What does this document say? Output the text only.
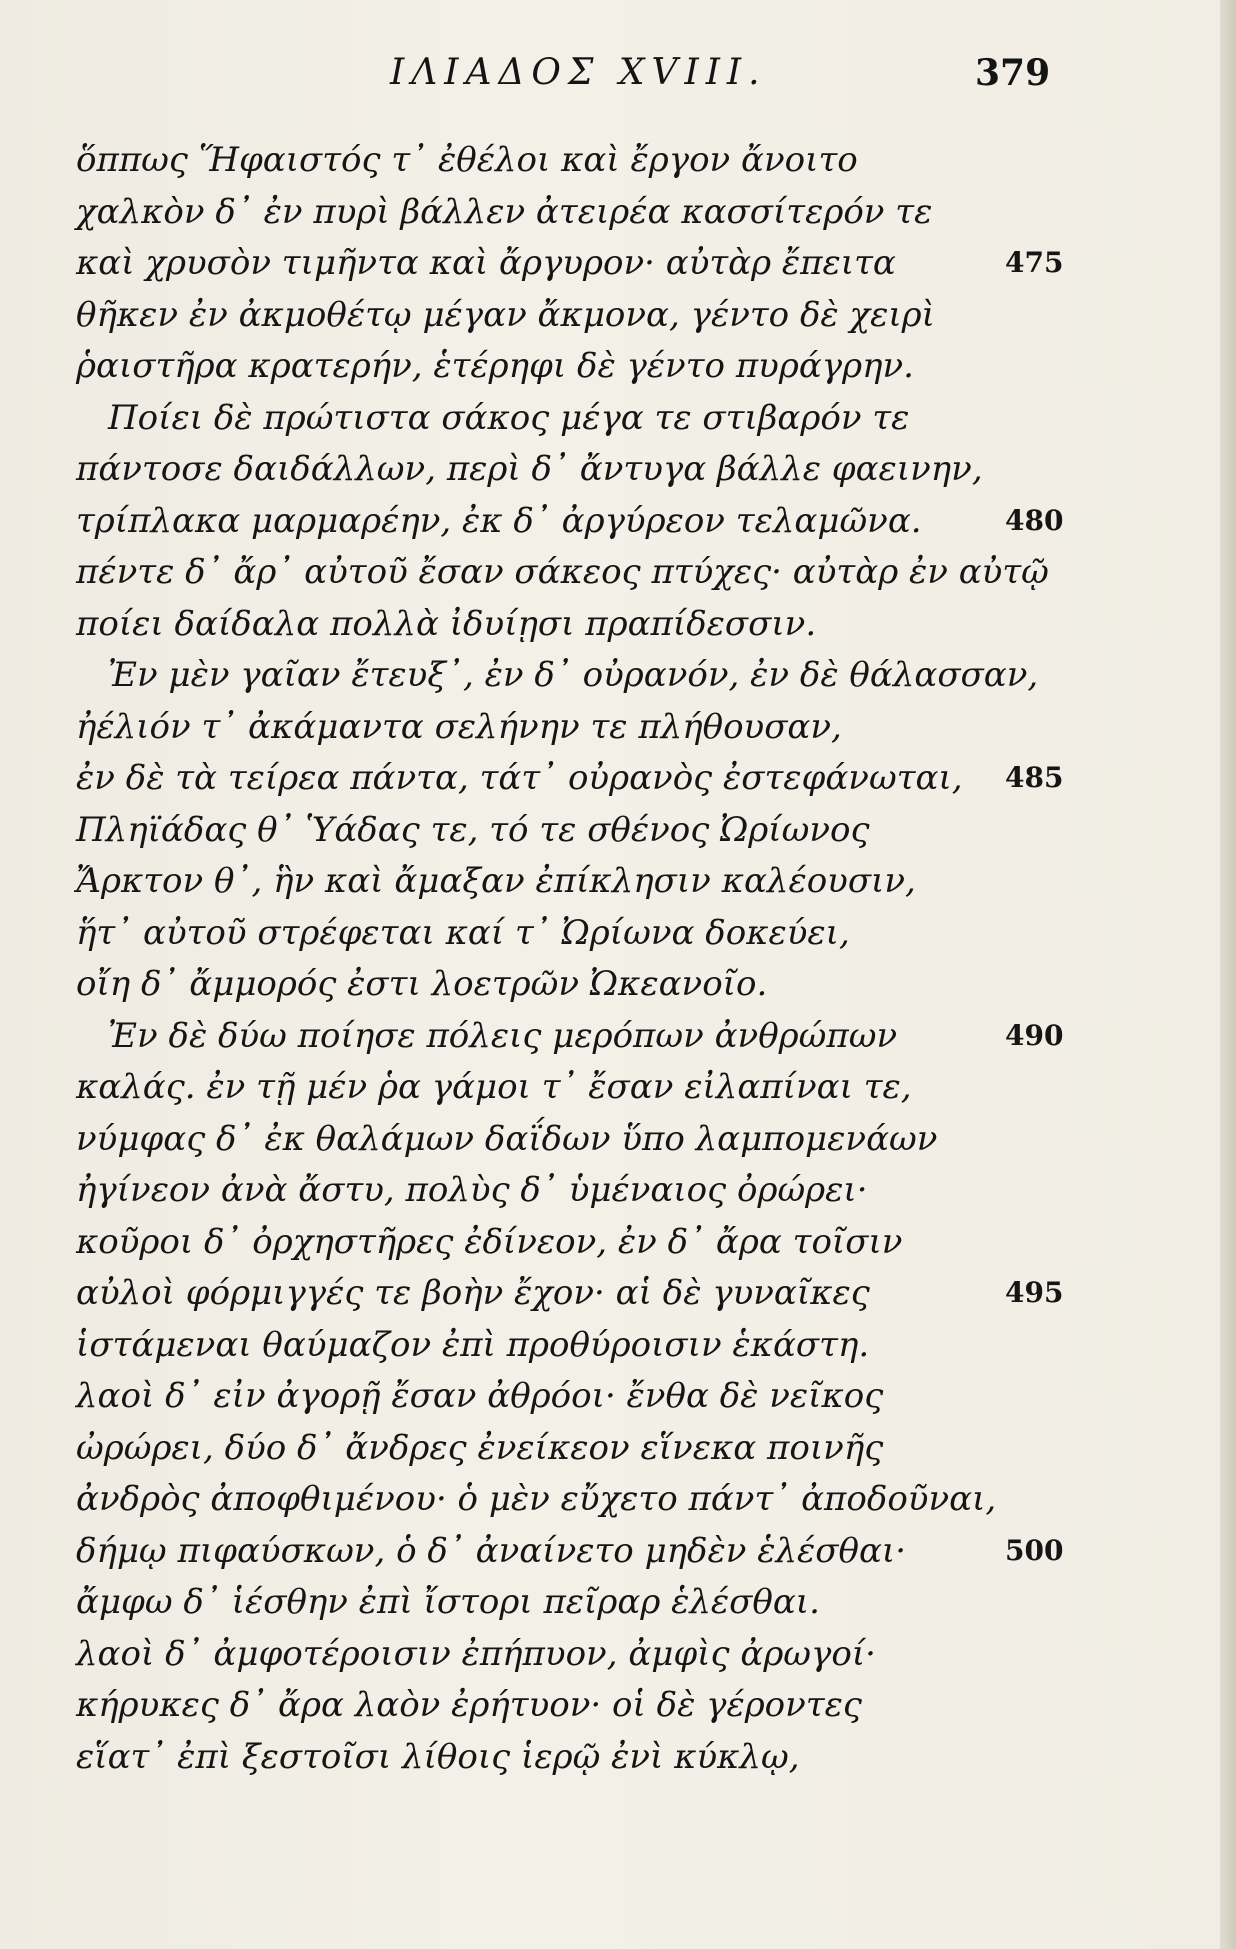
ΙΛΙΑΔΟΣ XVIII.	379
ὅππως Ἥφαιστός τ᾽ ἐθέλοι καὶ ἔργον ἄνοιτο
χαλκὸν δ᾽ ἐν πυρὶ βάλλεν ἀτειρέα κασσίτερόν τε
καὶ χρυσὸν τιμῆντα καὶ ἄργυρον· αὐτὰρ ἔπειτα	475
θῆκεν ἐν ἀκμοθέτῳ μέγαν ἄκμονα, γέντο δὲ χειρὶ
ῥαιστῆρα κρατερήν, ἑτέρηφι δὲ γέντο πυράγρην.
Ποίει δὲ πρώτιστα σάκος μέγα τε στιβαρόν τε
πάντοσε δαιδάλλων, περὶ δ᾽ ἄντυγα βάλλε φαεινην,
τρίπλακα μαρμαρέην, ἐκ δ᾽ ἀργύρεον τελαμῶνα.	480
πέντε δ᾽ ἄρ᾽ αὐτοῦ ἔσαν σάκεος πτύχες· αὐτὰρ ἐν αὐτῷ
ποίει δαίδαλα πολλὰ ἰδυίῃσι πραπίδεσσιν.
Ἐν μὲν γαῖαν ἔτευξ᾽, ἐν δ᾽ οὐρανόν, ἐν δὲ θάλασσαν,
ἠέλιόν τ᾽ ἀκάμαντα σελήνην τε πλήθουσαν,
ἐν δὲ τὰ τείρεα πάντα, τάτ᾽ οὐρανὸς ἐστεφάνωται, 485
Πληϊάδας θ᾽ Ὑάδας τε, τό τε σθένος Ὠρίωνος
Ἄρκτον θ᾽, ἣν καὶ ἄμαξαν ἐπίκλησιν καλέουσιν,
ἥτ᾽ αὐτοῦ στρέφεται καί τ᾽ Ὠρίωνα δοκεύει,
οἴη δ᾽ ἄμμορός ἐστι λοετρῶν Ὠκεανοῖο.
Ἐν δὲ δύω ποίησε πόλεις μερόπων ἀνθρώπων	490
καλάς. ἐν τῇ μέν ῥα γάμοι τ᾽ ἔσαν εἰλαπίναι τε,
νύμφας δ᾽ ἐκ θαλάμων δαΐδων ὕπο λαμπομενάων
ἠγίνεον ἀνὰ ἄστυ, πολὺς δ᾽ ὑμέναιος ὀρώρει·
κοῦροι δ᾽ ὀρχηστῆρες ἐδίνεον, ἐν δ᾽ ἄρα τοῖσιν
αὐλοὶ φόρμιγγές τε βοὴν ἔχον· αἱ δὲ γυναῖκες	495
ἱστάμεναι θαύμαζον ἐπὶ προθύροισιν ἑκάστη.
λαοὶ δ᾽ εἰν ἀγορῇ ἔσαν ἀθρόοι· ἔνθα δὲ νεῖκος
ὠρώρει, δύο δ᾽ ἄνδρες ἐνείκεον εἵνεκα ποινῆς
ἀνδρὸς ἀποφθιμένου· ὁ μὲν εὔχετο πάντ᾽ ἀποδοῦναι,
δήμῳ πιφαύσκων, ὁ δ᾽ ἀναίνετο μηδὲν ἑλέσθαι·	500
ἄμφω δ᾽ ἱέσθην ἐπὶ ἴστορι πεῖραρ ἑλέσθαι.
λαοὶ δ᾽ ἀμφοτέροισιν ἐπήπυον, ἀμφὶς ἀρωγοί·
κήρυκες δ᾽ ἄρα λαὸν ἐρήτυον· οἱ δὲ γέροντες
εἵατ᾽ ἐπὶ ξεστοῖσι λίθοις ἱερῷ ἐνὶ κύκλῳ,
